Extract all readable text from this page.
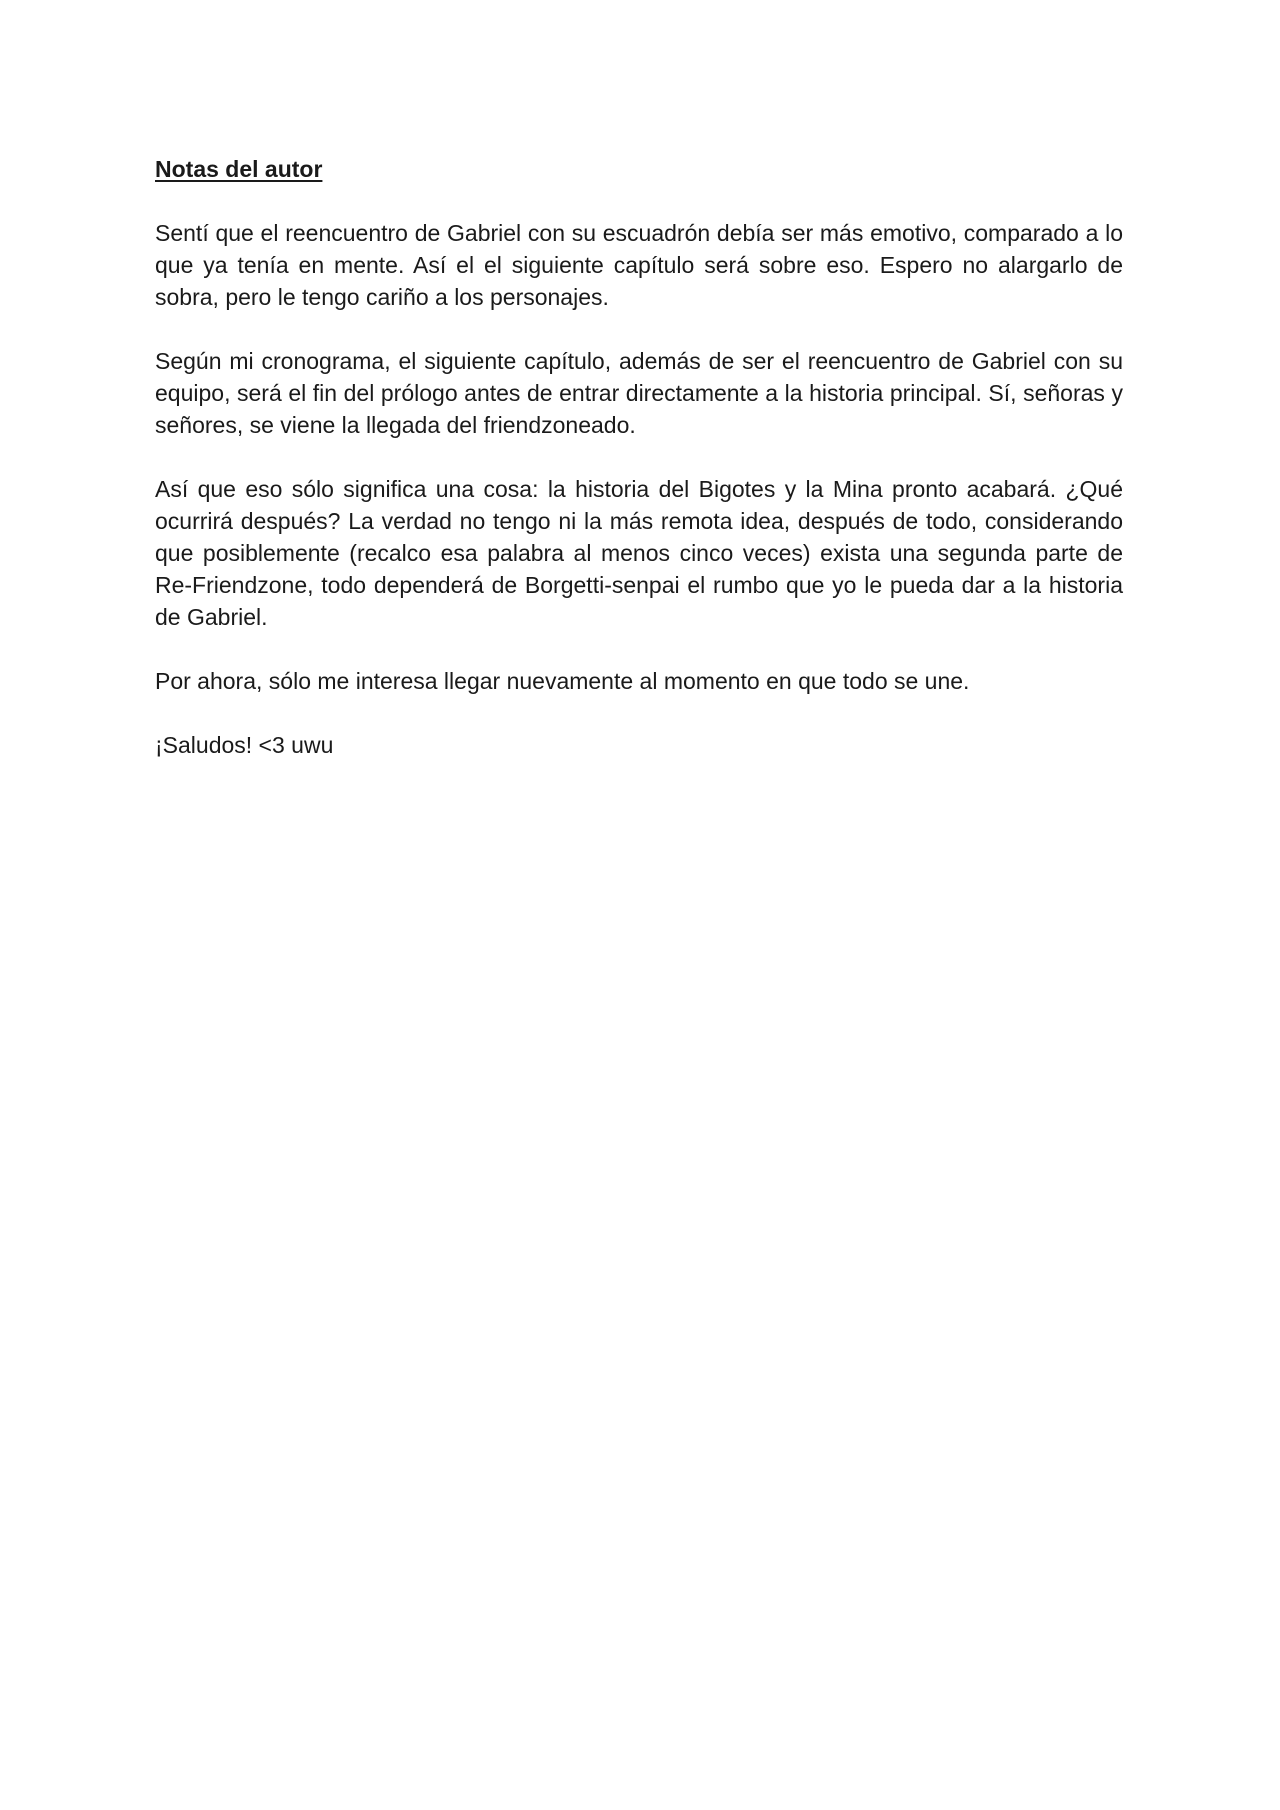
Notas del autor

Sentí que el reencuentro de Gabriel con su escuadrón debía ser más emotivo, comparado a lo que ya tenía en mente. Así el el siguiente capítulo será sobre eso. Espero no alargarlo de sobra, pero le tengo cariño a los personajes.

Según mi cronograma, el siguiente capítulo, además de ser el reencuentro de Gabriel con su equipo, será el fin del prólogo antes de entrar directamente a la historia principal. Sí, señoras y señores, se viene la llegada del friendzoneado.

Así que eso sólo significa una cosa: la historia del Bigotes y la Mina pronto acabará. ¿Qué ocurrirá después? La verdad no tengo ni la más remota idea, después de todo, considerando que posiblemente (recalco esa palabra al menos cinco veces) exista una segunda parte de Re-Friendzone, todo dependerá de Borgetti-senpai el rumbo que yo le pueda dar a la historia de Gabriel.

Por ahora, sólo me interesa llegar nuevamente al momento en que todo se une.

¡Saludos! <3 uwu
